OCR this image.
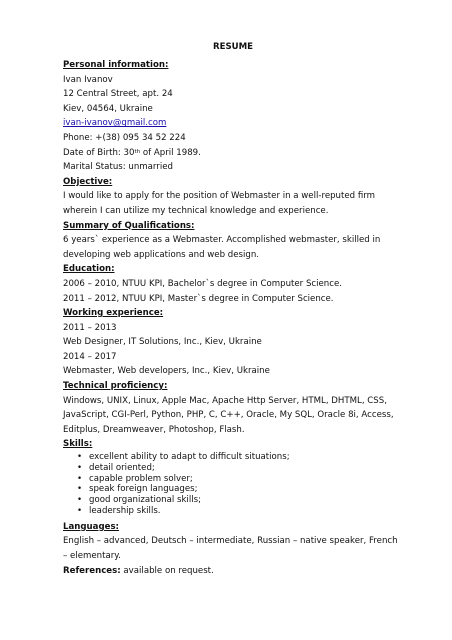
RESUME
Personal information:
Ivan Ivanov
12 Central Street, apt. 24
Kiev, 04564, Ukraine
ivan-ivanov@gmail.com
Phone: +(38) 095 34 52 224
Date of Birth: 30th of April 1989.
Marital Status: unmarried
Objective:
I would like to apply for the position of Webmaster in a well-reputed firm wherein I can utilize my technical knowledge and experience.
Summary of Qualifications:
6 years` experience as a Webmaster. Accomplished webmaster, skilled in developing web applications and web design.
Education:
2006 – 2010, NTUU KPI, Bachelor`s degree in Computer Science.
2011 – 2012, NTUU KPI, Master`s degree in Computer Science.
Working experience:
2011 – 2013
Web Designer, IT Solutions, Inc., Kiev, Ukraine
2014 – 2017
Webmaster, Web developers, Inc., Kiev, Ukraine
Technical proficiency:
Windows, UNIX, Linux, Apple Mac, Apache Http Server, HTML, DHTML, CSS, JavaScript, CGI-Perl, Python, PHP, C, C++, Oracle, My SQL, Oracle 8i, Access, Editplus, Dreamweaver, Photoshop, Flash.
Skills:
• excellent ability to adapt to difficult situations;
• detail oriented;
• capable problem solver;
• speak foreign languages;
• good organizational skills;
• leadership skills.
Languages:
English – advanced, Deutsch – intermediate, Russian – native speaker, French – elementary.
References: available on request.
